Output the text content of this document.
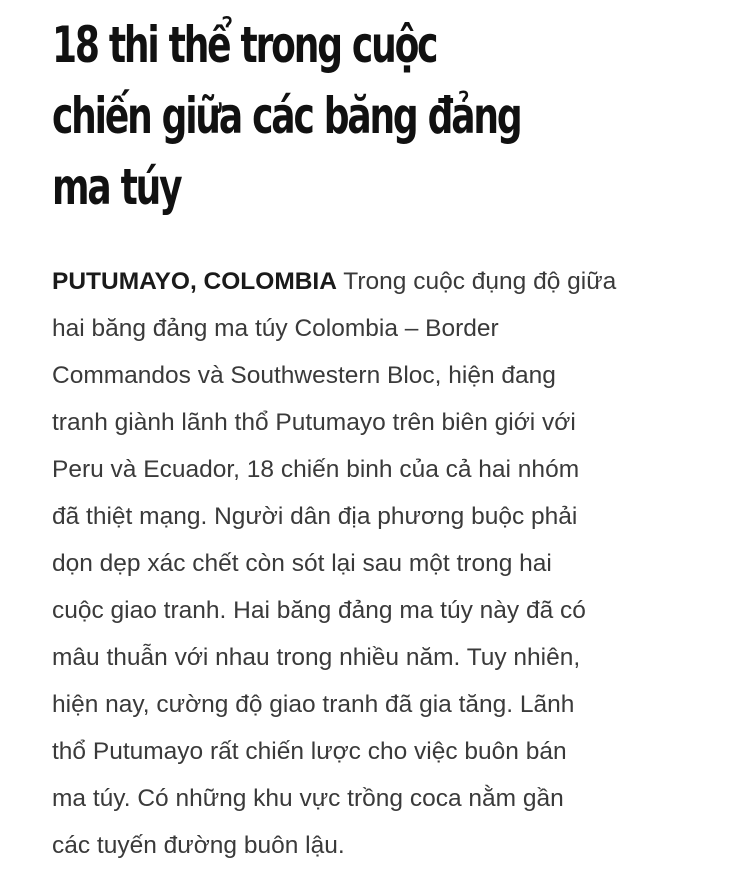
18 thi thể trong cuộc
chiến giữa các băng đảng
ma túy

PUTUMAYO, COLOMBIA Trong cuộc đụng độ giữa
hai băng đảng ma túy Colombia – Border
Commandos và Southwestern Bloc, hiện đang
tranh giành lãnh thổ Putumayo trên biên giới với
Peru và Ecuador, 18 chiến binh của cả hai nhóm
đã thiệt mạng. Người dân địa phương buộc phải
dọn dẹp xác chết còn sót lại sau một trong hai
cuộc giao tranh. Hai băng đảng ma túy này đã có
mâu thuẫn với nhau trong nhiều năm. Tuy nhiên,
hiện nay, cường độ giao tranh đã gia tăng. Lãnh
thổ Putumayo rất chiến lược cho việc buôn bán
ma túy. Có những khu vực trồng coca nằm gần
các tuyến đường buôn lậu.
